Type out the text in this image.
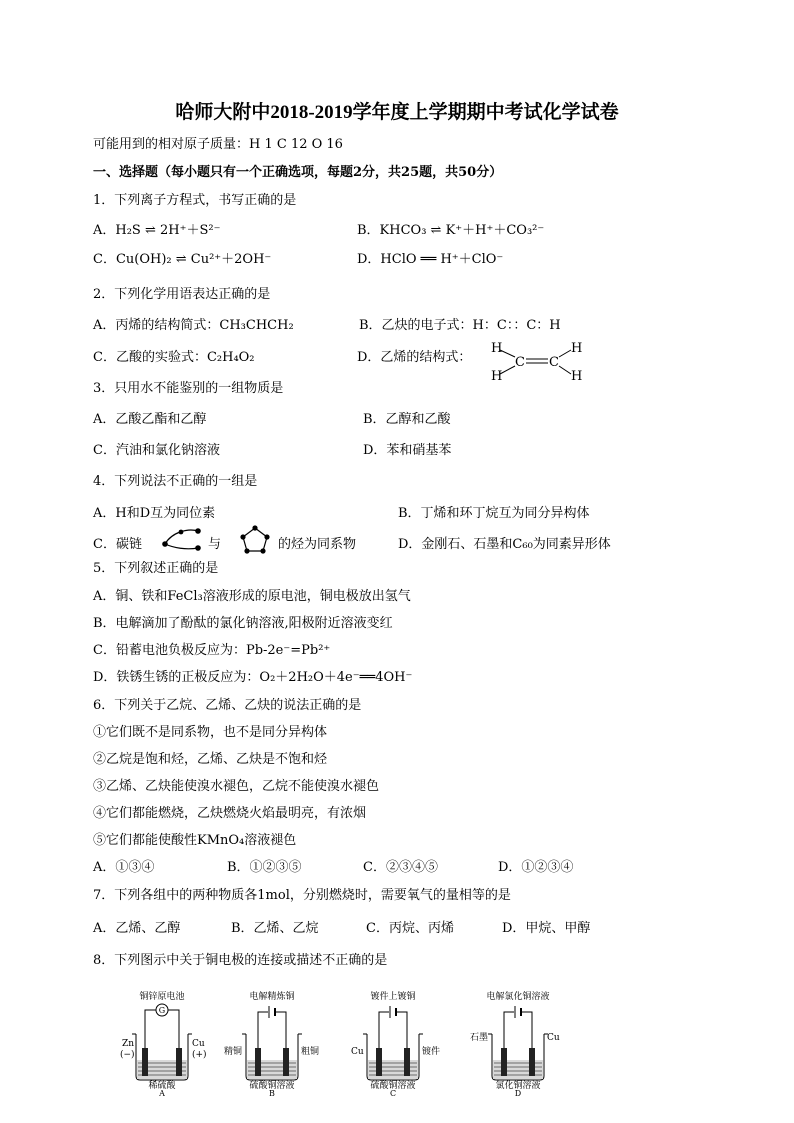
哈师大附中2018-2019学年度上学期期中考试化学试卷
可能用到的相对原子质量：H 1 C 12 O 16
一、选择题（每小题只有一个正确选项，每题2分，共25题，共50分）
1．下列离子方程式，书写正确的是
A．H₂S ⇌ 2H⁺＋S²⁻	B．KHCO₃ ⇌ K⁺＋H⁺＋CO₃²⁻
C．Cu(OH)₂ ⇌ Cu²⁺＋2OH⁻	D．HClO ══ H⁺＋ClO⁻
2．下列化学用语表达正确的是
A．丙烯的结构简式：CH₃CHCH₂	B．乙炔的电子式：H：C：：C：H
C．乙酸的实验式：C₂H₄O₂	D．乙烯的结构式：
H
H
C C
H
H
3．只用水不能鉴别的一组物质是
A．乙酸乙酯和乙醇	B．乙醇和乙酸
C．汽油和氯化钠溶液	D．苯和硝基苯
4．下列说法不正确的一组是
A．H和D互为同位素	B．丁烯和环丁烷互为同分异构体
C．碳链	与	的烃为同系物	D．金刚石、石墨和C₆₀为同素异形体
5．下列叙述正确的是
A．铜、铁和FeCl₃溶液形成的原电池，铜电极放出氢气
B．电解滴加了酚酞的氯化钠溶液,阳极附近溶液变红
C．铅蓄电池负极反应为：Pb-2e⁻=Pb²⁺
D．铁锈生锈的正极反应为：O₂＋2H₂O＋4e⁻══4OH⁻
6．下列关于乙烷、乙烯、乙炔的说法正确的是
①它们既不是同系物，也不是同分异构体
②乙烷是饱和烃，乙烯、乙炔是不饱和烃
③乙烯、乙炔能使溴水褪色，乙烷不能使溴水褪色
④它们都能燃烧，乙炔燃烧火焰最明亮，有浓烟
⑤它们都能使酸性KMnO₄溶液褪色
A．①③④	B．①②③⑤	C．②③④⑤	D．①②③④
7．下列各组中的两种物质各1mol，分别燃烧时，需要氧气的量相等的是
A．乙烯、乙醇	B．乙烯、乙烷	C．丙烷、丙烯	D．甲烷、甲醇
8．下列图示中关于铜电极的连接或描述不正确的是
铜锌原电池
G
Zn
(−)
Cu
(+)
稀硫酸
A
电解精炼铜
精铜	粗铜
硫酸铜溶液
B
镀件上镀铜
Cu	镀件
硫酸铜溶液
C
电解氯化铜溶液
石墨	Cu
氯化铜溶液
D
